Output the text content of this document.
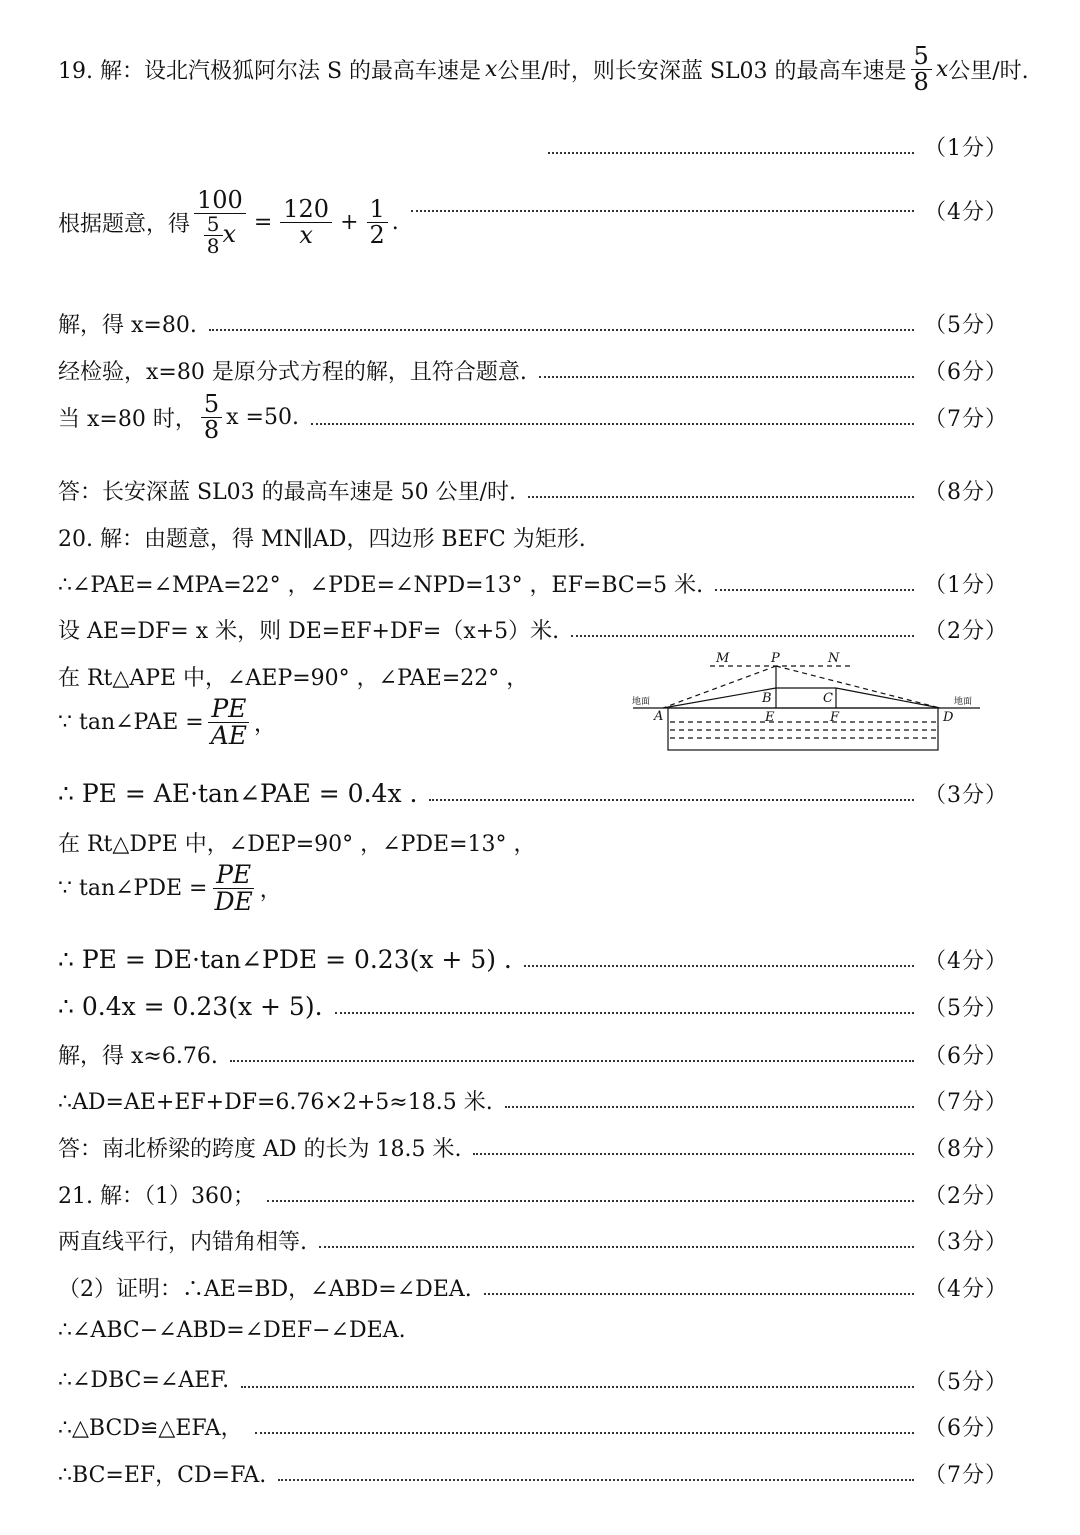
19. 解：设北汽极狐阿尔法 S 的最高车速是 x 公里/时，则长安深蓝 SL03 的最高车速是 $\frac{5}{8}$ x 公里/时.
（1分）
根据题意，得 $\frac{100}{\frac{5}{8} x} = \frac{120}{x} + \frac{1}{2}$ .	（4分）
解，得 x=80.	（5分）
经检验，x=80 是原分式方程的解，且符合题意.	（6分）
当 x=80 时， $\frac{5}{8}$ x =50.	（7分）
答：长安深蓝 SL03 的最高车速是 50 公里/时.	（8分）
20. 解：由题意，得 MN∥AD，四边形 BEFC 为矩形.
∴∠PAE=∠MPA=22° ，∠PDE=∠NPD=13° ，EF=BC=5 米.	（1分）
设 AE=DF= x 米，则 DE=EF+DF=（x+5）米.	（2分）
在 Rt△APE 中，∠AEP=90° ，∠PAE=22° ，
∵ tan∠PAE = $\frac{PE}{AE}$ ，
∴ PE = AE·tan∠PAE = 0.4x .	（3分）
在 Rt△DPE 中，∠DEP=90° ，∠PDE=13° ，
∵ tan∠PDE = $\frac{PE}{DE}$ ，
∴ PE = DE·tan∠PDE = 0.23(x + 5) .	（4分）
∴ 0.4x = 0.23(x + 5).	（5分）
解，得 x≈6.76.	（6分）
∴AD=AE+EF+DF=6.76×2+5≈18.5 米.	（7分）
答：南北桥梁的跨度 AD 的长为 18.5 米.	（8分）
M	P	N
B	C
A	E	F	D
地面	地面
21. 解：（1）360；	（2分）
两直线平行，内错角相等.	（3分）
（2）证明：∴AE=BD，∠ABD=∠DEA.	（4分）
∴∠ABC−∠ABD=∠DEF−∠DEA.
∴∠DBC=∠AEF.	（5分）
∴△BCD≌△EFA，	（6分）
∴BC=EF，CD=FA.	（7分）
